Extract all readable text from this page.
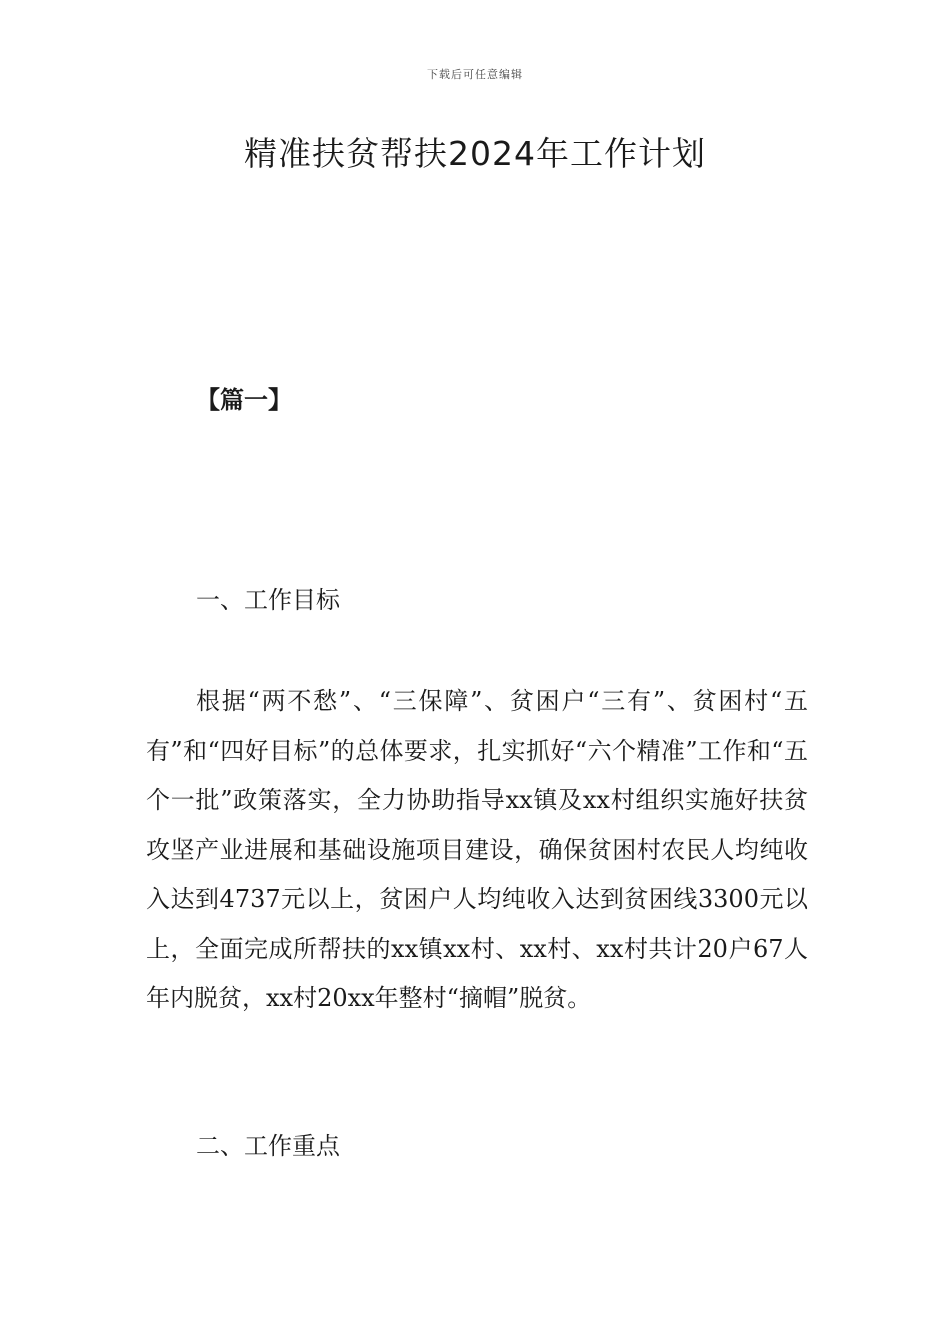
下载后可任意编辑
精准扶贫帮扶2024年工作计划
【篇一】
一、工作目标

根据“两不愁”、“三保障”、贫困户“三有”、贫困村“五有”和“四好目标”的总体要求，扎实抓好“六个精准”工作和“五个一批”政策落实，全力协助指导xx镇及xx村组织实施好扶贫攻坚产业进展和基础设施项目建设，确保贫困村农民人均纯收入达到4737元以上，贫困户人均纯收入达到贫困线3300元以上，全面完成所帮扶的xx镇xx村、xx村、xx村共计20户67人年内脱贫，xx村20xx年整村“摘帽”脱贫。

二、工作重点
